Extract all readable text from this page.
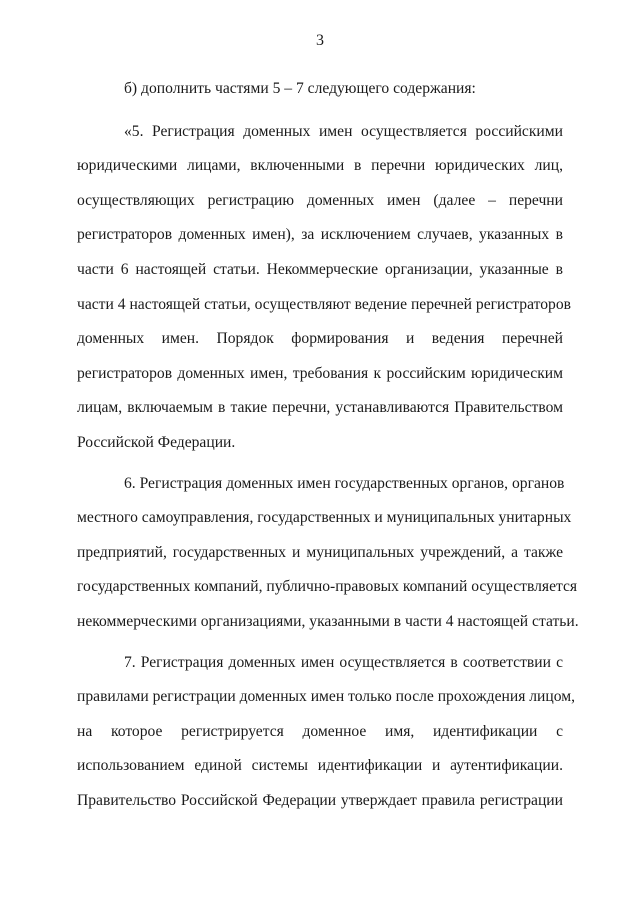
3
б) дополнить частями 5 – 7 следующего содержания:
«5. Регистрация доменных имен осуществляется российскими
юридическими лицами, включенными в перечни юридических лиц,
осуществляющих регистрацию доменных имен (далее – перечни
регистраторов доменных имен), за исключением случаев, указанных в
части 6 настоящей статьи. Некоммерческие организации, указанные в
части 4 настоящей статьи, осуществляют ведение перечней регистраторов
доменных имен. Порядок формирования и ведения перечней
регистраторов доменных имен, требования к российским юридическим
лицам, включаемым в такие перечни, устанавливаются Правительством
Российской Федерации.
6. Регистрация доменных имен государственных органов, органов
местного самоуправления, государственных и муниципальных унитарных
предприятий, государственных и муниципальных учреждений, а также
государственных компаний, публично-правовых компаний осуществляется
некоммерческими организациями, указанными в части 4 настоящей статьи.
7. Регистрация доменных имен осуществляется в соответствии с
правилами регистрации доменных имен только после прохождения лицом,
на которое регистрируется доменное имя, идентификации с
использованием единой системы идентификации и аутентификации.
Правительство Российской Федерации утверждает правила регистрации
